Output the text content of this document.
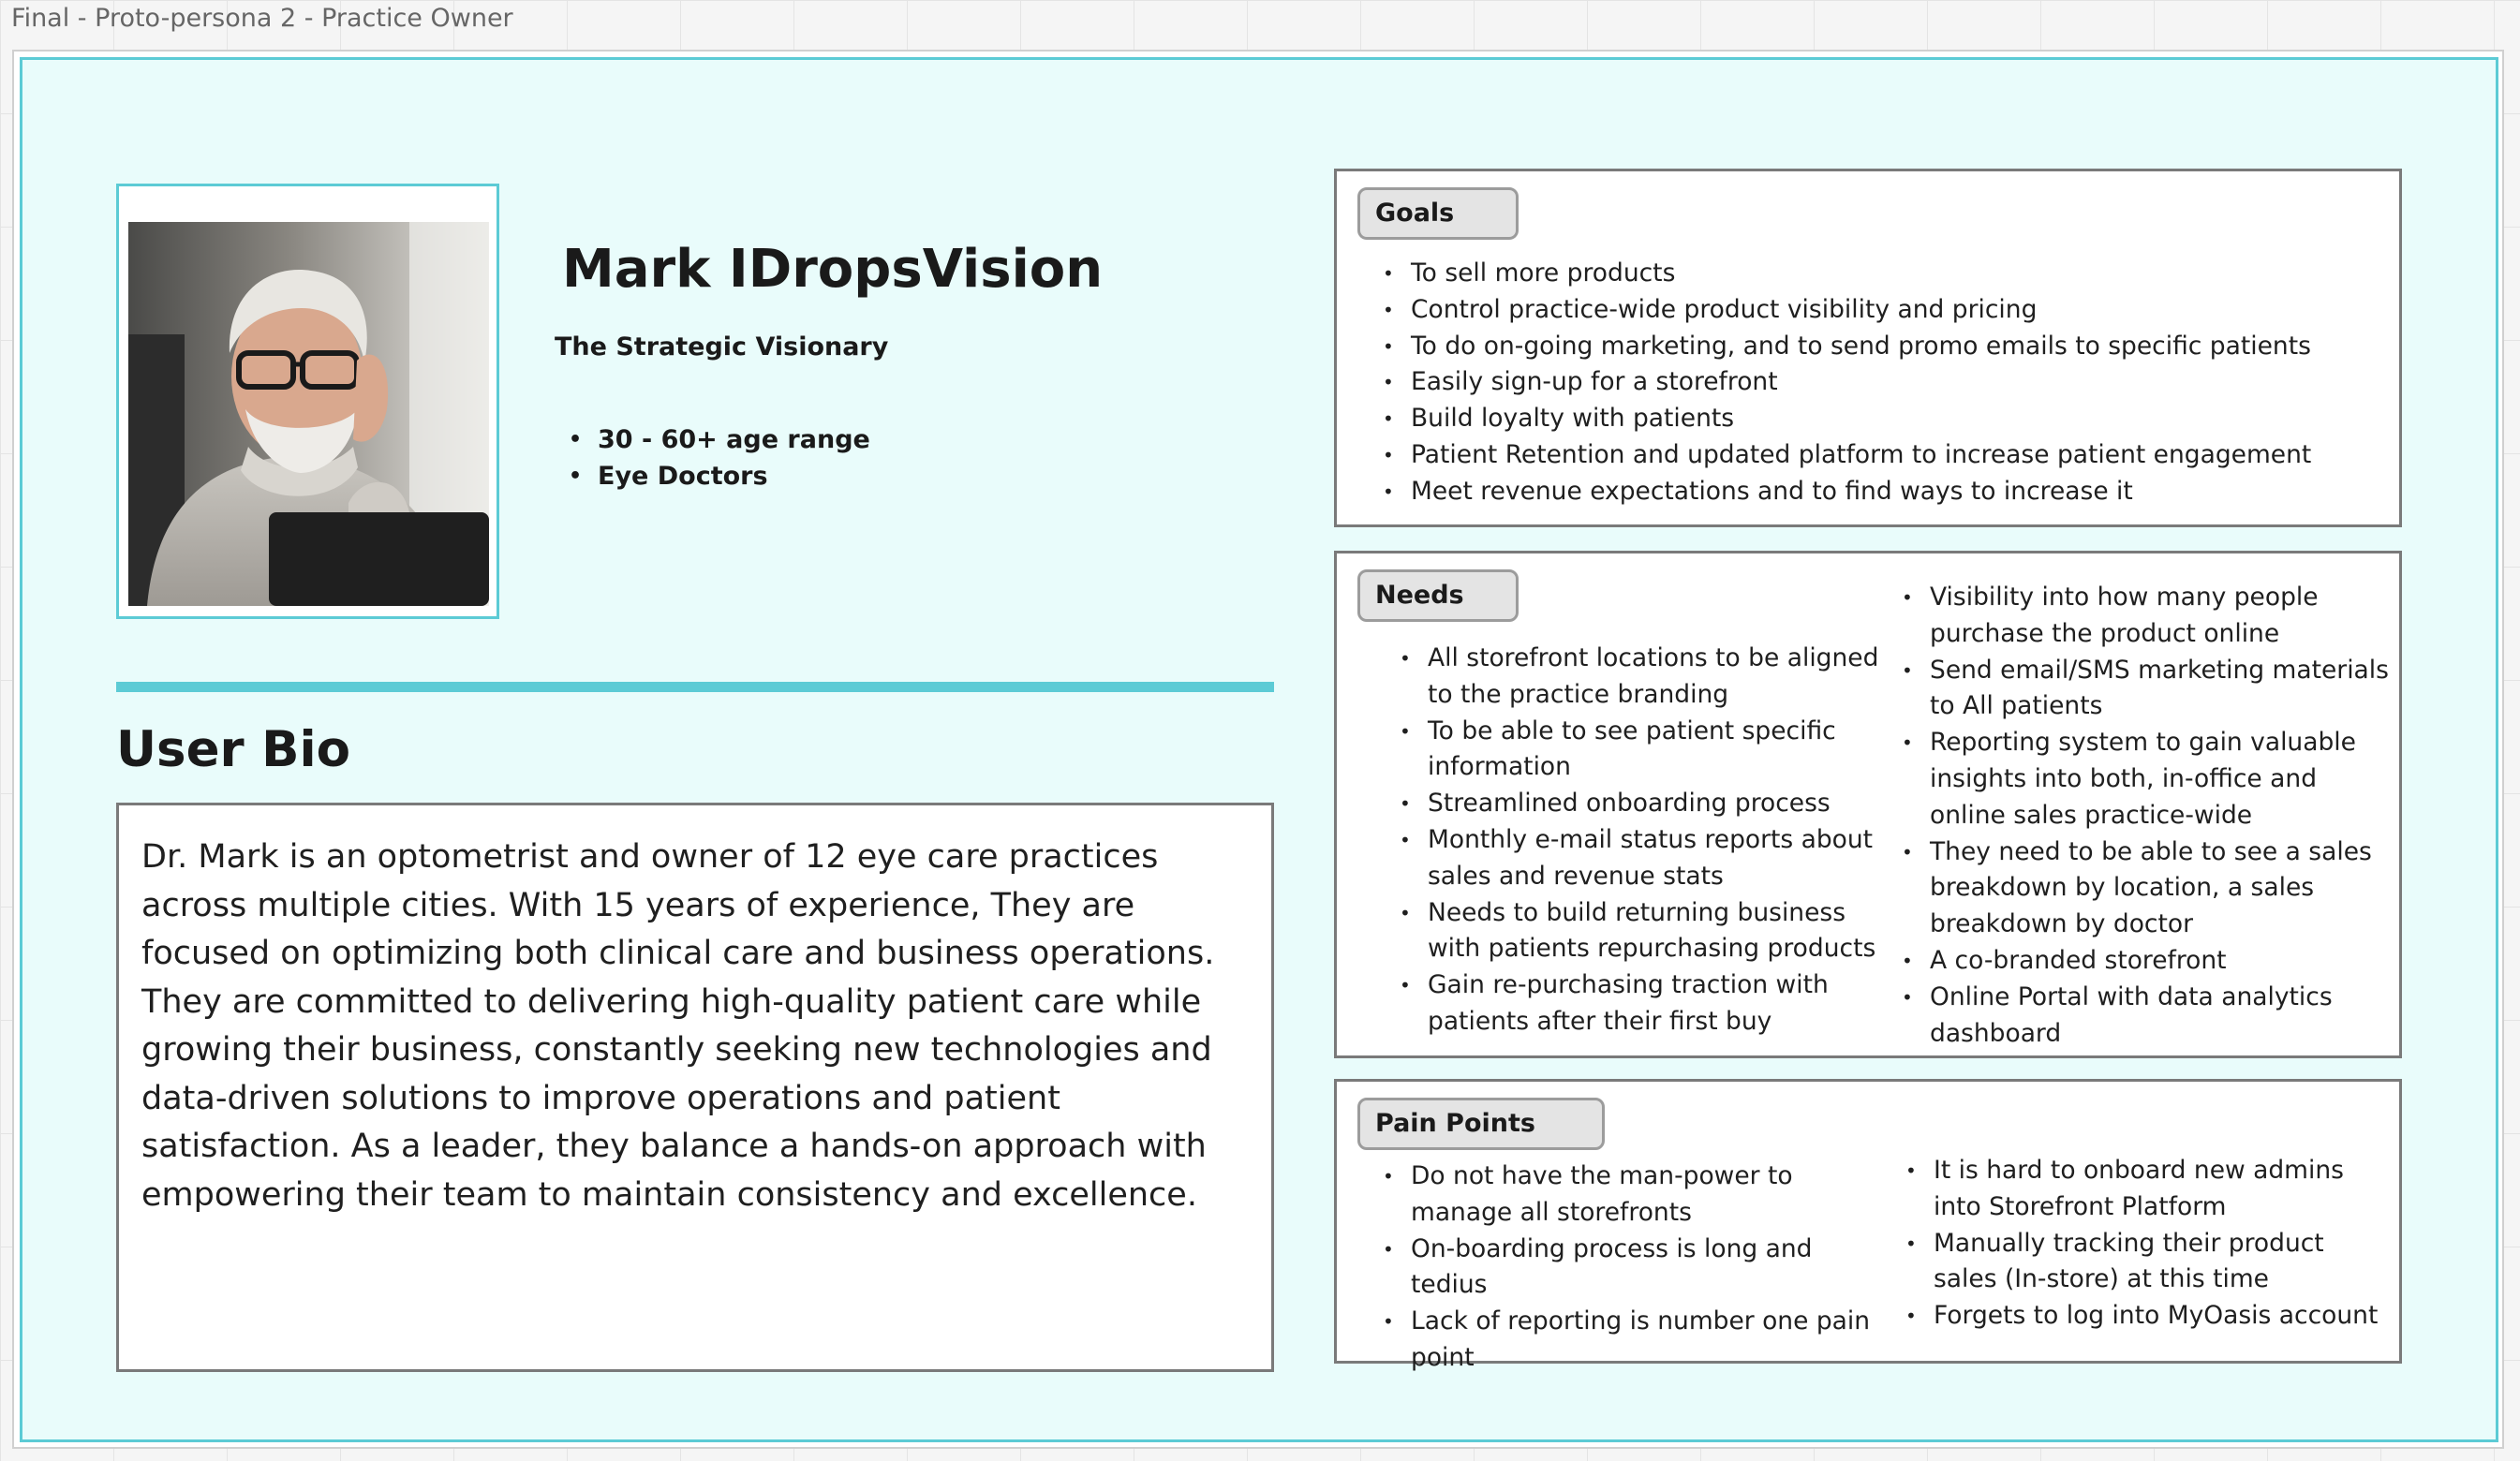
Final - Proto-persona 2 - Practice Owner
Mark IDropsVision
The Strategic Visionary
• 30 - 60+ age range
• Eye Doctors
User Bio

Dr. Mark is an optometrist and owner of 12 eye care practices across multiple cities. With 15 years of experience, They are focused on optimizing both clinical care and business operations. They are committed to delivering high-quality patient care while growing their business, constantly seeking new technologies and data-driven solutions to improve operations and patient satisfaction. As a leader, they balance a hands-on approach with empowering their team to maintain consistency and excellence.

Goals
• To sell more products
• Control practice-wide product visibility and pricing
• To do on-going marketing, and to send promo emails to specific patients
• Easily sign-up for a storefront
• Build loyalty with patients
• Patient Retention and updated platform to increase patient engagement
• Meet revenue expectations and to find ways to increase it
Needs
• All storefront locations to be aligned to the practice branding
• To be able to see patient specific information
• Streamlined onboarding process
• Monthly e-mail status reports about sales and revenue stats
• Needs to build returning business with patients repurchasing products
• Gain re-purchasing traction with patients after their first buy
• Visibility into how many people purchase the product online
• Send email/SMS marketing materials to All patients
• Reporting system to gain valuable insights into both, in-office and online sales practice-wide
• They need to be able to see a sales breakdown by location, a sales breakdown by doctor
• A co-branded storefront
• Online Portal with data analytics dashboard
Pain Points
• Do not have the man-power to manage all storefronts
• On-boarding process is long and tedius
• Lack of reporting is number one pain point
• It is hard to onboard new admins into Storefront Platform
• Manually tracking their product sales (In-store) at this time
• Forgets to log into MyOasis account
